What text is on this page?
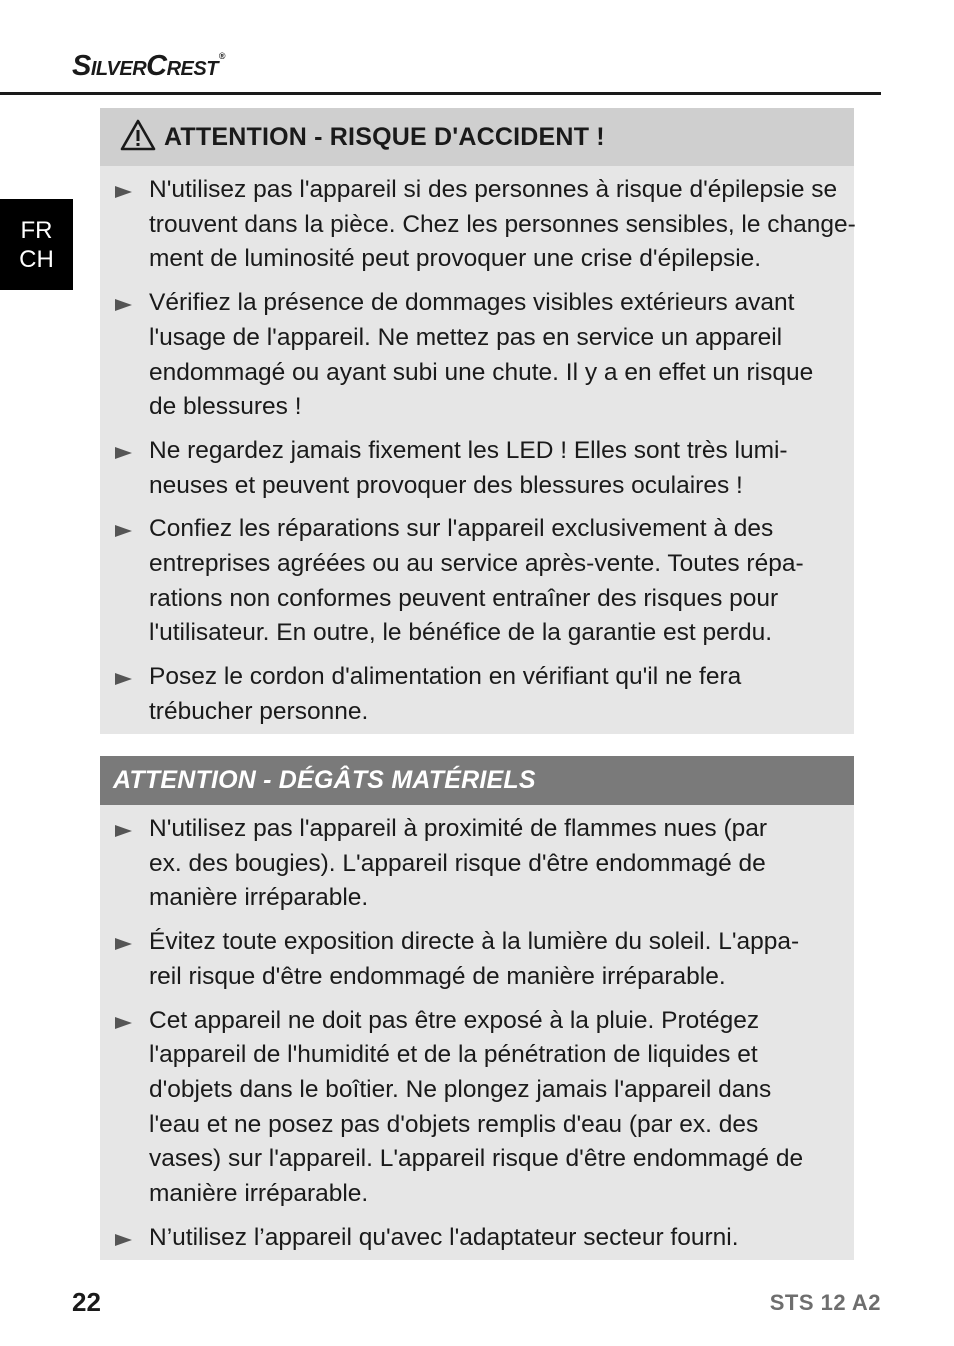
SilverCrest®
FR
CH
ATTENTION - RISQUE D'ACCIDENT !
N'utilisez pas l'appareil si des personnes à risque d'épilepsie se
trouvent dans la pièce. Chez les personnes sensibles, le change-
ment de luminosité peut provoquer une crise d'épilepsie.
Vérifiez la présence de dommages visibles extérieurs avant
l'usage de l'appareil. Ne mettez pas en service un appareil
endommagé ou ayant subi une chute. Il y a en effet un risque
de blessures !
Ne regardez jamais fixement les LED ! Elles sont très lumi-
neuses et peuvent provoquer des blessures oculaires !
Confiez les réparations sur l'appareil exclusivement à des
entreprises agréées ou au service après-vente. Toutes répa-
rations non conformes peuvent entraîner des risques pour
l'utilisateur. En outre, le bénéfice de la garantie est perdu.
Posez le cordon d'alimentation en vérifiant qu'il ne fera
trébucher personne.
ATTENTION - DÉGÂTS MATÉRIELS
N'utilisez pas l'appareil à proximité de flammes nues (par
ex. des bougies). L'appareil risque d'être endommagé de
manière irréparable.
Évitez toute exposition directe à la lumière du soleil. L'appa-
reil risque d'être endommagé de manière irréparable.
Cet appareil ne doit pas être exposé à la pluie. Protégez
l'appareil de l'humidité et de la pénétration de liquides et
d'objets dans le boîtier. Ne plongez jamais l'appareil dans
l'eau et ne posez pas d'objets remplis d'eau (par ex. des
vases) sur l'appareil. L'appareil risque d'être endommagé de
manière irréparable.
N’utilisez l’appareil qu'avec l'adaptateur secteur fourni.
22	STS 12 A2
